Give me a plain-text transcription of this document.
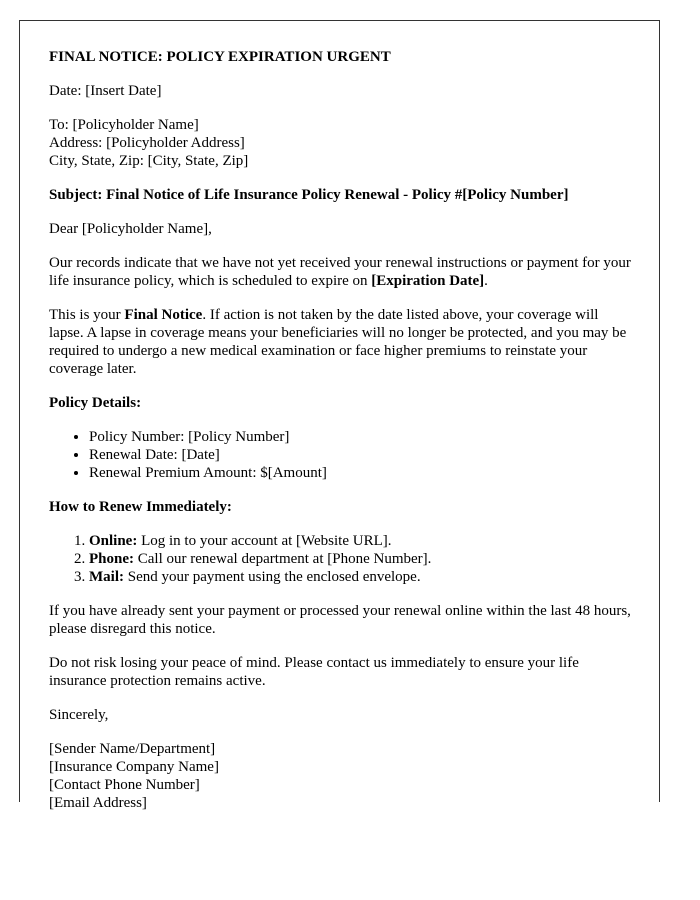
FINAL NOTICE: POLICY EXPIRATION URGENT

Date: [Insert Date]

To: [Policyholder Name]
Address: [Policyholder Address]
City, State, Zip: [City, State, Zip]

Subject: Final Notice of Life Insurance Policy Renewal - Policy #[Policy Number]

Dear [Policyholder Name],

Our records indicate that we have not yet received your renewal instructions or payment for your life insurance policy, which is scheduled to expire on [Expiration Date].

This is your Final Notice. If action is not taken by the date listed above, your coverage will lapse. A lapse in coverage means your beneficiaries will no longer be protected, and you may be required to undergo a new medical examination or face higher premiums to reinstate your coverage later.

Policy Details:

• Policy Number: [Policy Number]
• Renewal Date: [Date]
• Renewal Premium Amount: $[Amount]

How to Renew Immediately:

1. Online: Log in to your account at [Website URL].
2. Phone: Call our renewal department at [Phone Number].
3. Mail: Send your payment using the enclosed envelope.

If you have already sent your payment or processed your renewal online within the last 48 hours, please disregard this notice.

Do not risk losing your peace of mind. Please contact us immediately to ensure your life insurance protection remains active.

Sincerely,

[Sender Name/Department]
[Insurance Company Name]
[Contact Phone Number]
[Email Address]
